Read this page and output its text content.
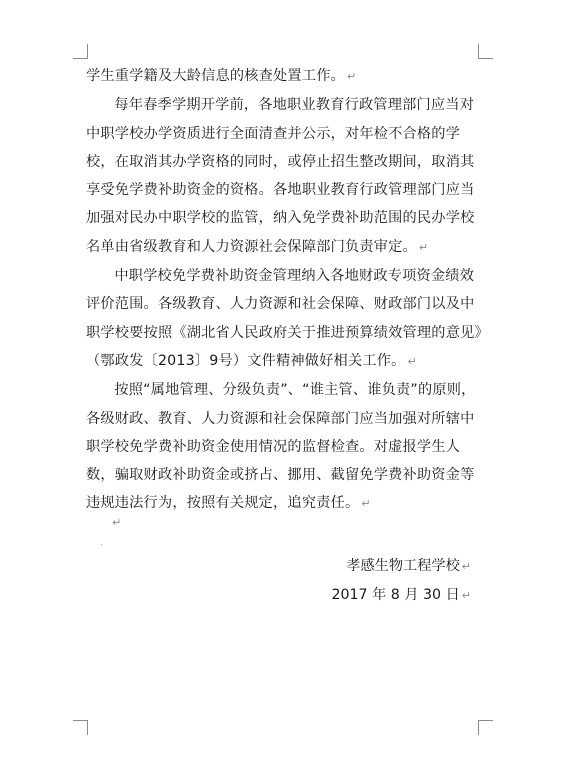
学生重学籍及大龄信息的核查处置工作。 ↵

每年春季学期开学前，各地职业教育行政管理部门应当对中职学校办学资质进行全面清查并公示，对年检不合格的学校，在取消其办学资格的同时，或停止招生整改期间，取消其享受免学费补助资金的资格。各地职业教育行政管理部门应当加强对民办中职学校的监管，纳入免学费补助范围的民办学校名单由省级教育和人力资源社会保障部门负责审定。 ↵

中职学校免学费补助资金管理纳入各地财政专项资金绩效评价范围。各级教育、人力资源和社会保障、财政部门以及中职学校要按照《湖北省人民政府关于推进预算绩效管理的意见》（鄂政发〔2013〕9号）文件精神做好相关工作。 ↵

按照“属地管理、分级负责”、“谁主管、谁负责”的原则，各级财政、教育、人力资源和社会保障部门应当加强对所辖中职学校免学费补助资金使用情况的监督检查。对虚报学生人数，骗取财政补助资金或挤占、挪用、截留免学费补助资金等违规违法行为，按照有关规定，追究责任。 ↵

↵
.
孝感生物工程学校 ↵
2017 年 8 月 30 日 ↵
